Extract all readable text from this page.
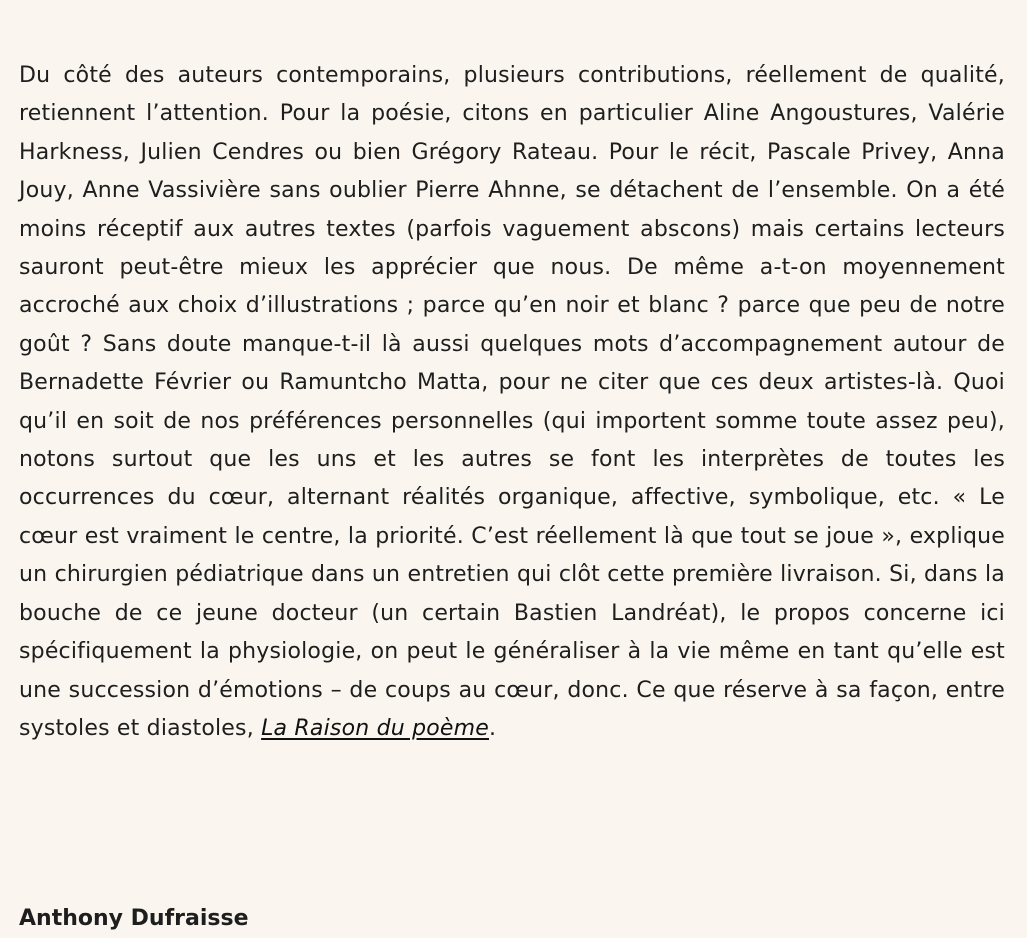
Du côté des auteurs contemporains, plusieurs contributions, réellement de qualité, retiennent l’attention. Pour la poésie, citons en particulier Aline Angoustures, Valérie Harkness, Julien Cendres ou bien Grégory Rateau. Pour le récit, Pascale Privey, Anna Jouy, Anne Vassivière sans oublier Pierre Ahnne, se détachent de l’ensemble. On a été moins réceptif aux autres textes (parfois vaguement abscons) mais certains lecteurs sauront peut-être mieux les apprécier que nous. De même a-t-on moyennement accroché aux choix d’illustrations ; parce qu’en noir et blanc ? parce que peu de notre goût ? Sans doute manque-t-il là aussi quelques mots d’accompagnement autour de Bernadette Février ou Ramuntcho Matta, pour ne citer que ces deux artistes-là. Quoi qu’il en soit de nos préférences personnelles (qui importent somme toute assez peu), notons surtout que les uns et les autres se font les interprètes de toutes les occurrences du cœur, alternant réalités organique, affective, symbolique, etc. « Le cœur est vraiment le centre, la priorité. C’est réellement là que tout se joue », explique un chirurgien pédiatrique dans un entretien qui clôt cette première livraison. Si, dans la bouche de ce jeune docteur (un certain Bastien Landréat), le propos concerne ici spécifiquement la physiologie, on peut le généraliser à la vie même en tant qu’elle est une succession d’émotions – de coups au cœur, donc. Ce que réserve à sa façon, entre systoles et diastoles, La Raison du poème.

Anthony Dufraisse
